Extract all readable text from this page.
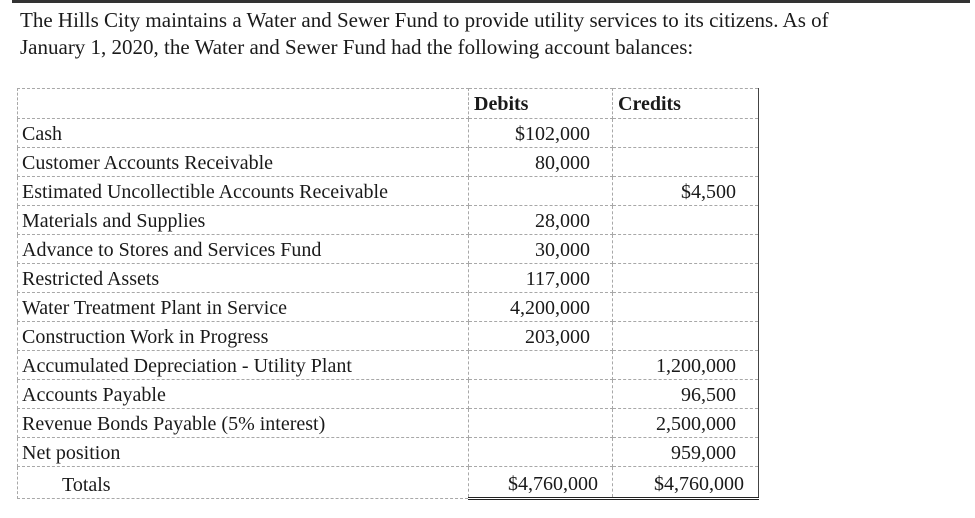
The Hills City maintains a Water and Sewer Fund to provide utility services to its citizens. As of

January 1, 2020, the Water and Sewer Fund had the following account balances:

	Debits	Credits
Cash	$102,000	
Customer Accounts Receivable	80,000	
Estimated Uncollectible Accounts Receivable		$4,500
Materials and Supplies	28,000	
Advance to Stores and Services Fund	30,000	
Restricted Assets	117,000	
Water Treatment Plant in Service	4,200,000	
Construction Work in Progress	203,000	
Accumulated Depreciation - Utility Plant		1,200,000
Accounts Payable		96,500
Revenue Bonds Payable (5% interest)		2,500,000
Net position		959,000
Totals	$4,760,000	$4,760,000
